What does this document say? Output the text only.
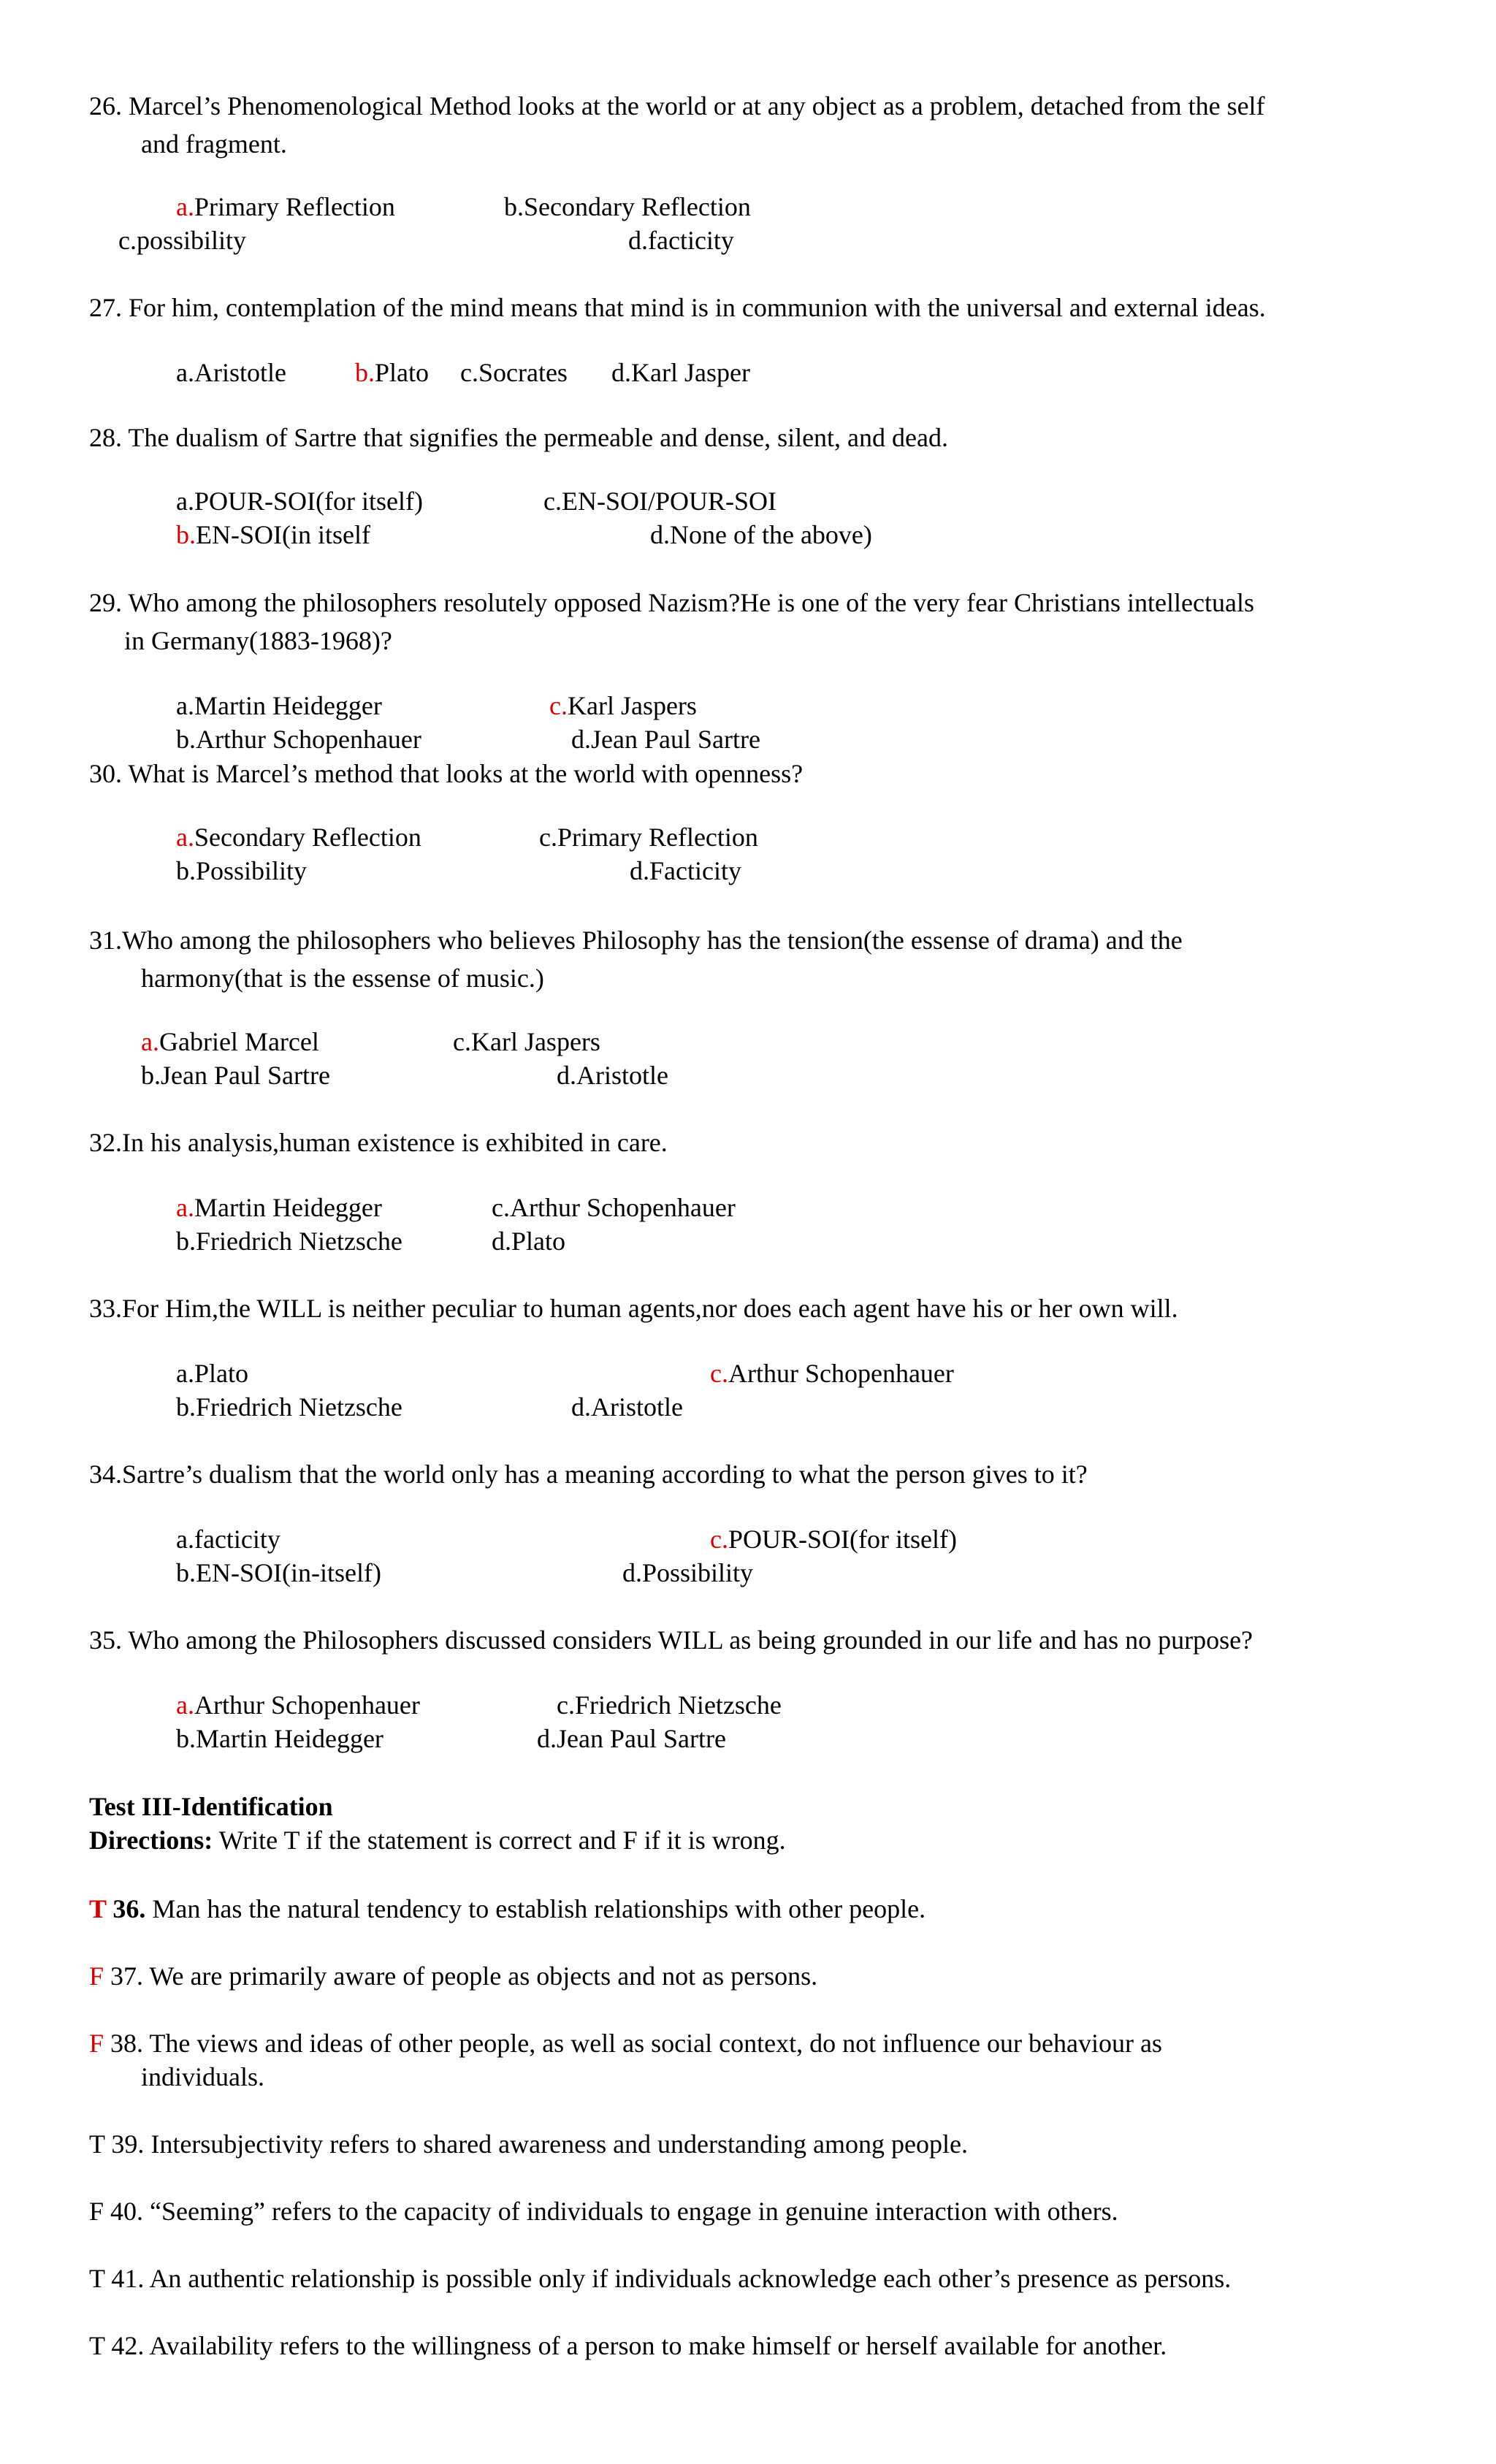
26. Marcel’s Phenomenological Method looks at the world or at any object as a problem, detached from the self
and fragment.
a.Primary Reflection	b.Secondary Reflection
c.possibility	d.facticity
27. For him, contemplation of the mind means that mind is in communion with the universal and external ideas.
a.Aristotle	b.Plato c.Socrates d.Karl Jasper
28. The dualism of Sartre that signifies the permeable and dense, silent, and dead.
a.POUR-SOI(for itself)	c.EN-SOI/POUR-SOI
b.EN-SOI(in itself	d.None of the above)
29. Who among the philosophers resolutely opposed Nazism?He is one of the very fear Christians intellectuals
in Germany(1883-1968)?
a.Martin Heidegger	c.Karl Jaspers
b.Arthur Schopenhauer	d.Jean Paul Sartre
30. What is Marcel’s method that looks at the world with openness?
a.Secondary Reflection	c.Primary Reflection
b.Possibility	d.Facticity
31.Who among the philosophers who believes Philosophy has the tension(the essense of drama) and the
harmony(that is the essense of music.)
a.Gabriel Marcel	c.Karl Jaspers
b.Jean Paul Sartre	d.Aristotle
32.In his analysis,human existence is exhibited in care.
a.Martin Heidegger	c.Arthur Schopenhauer
b.Friedrich Nietzsche	d.Plato
33.For Him,the WILL is neither peculiar to human agents,nor does each agent have his or her own will.
a.Plato	c.Arthur Schopenhauer
b.Friedrich Nietzsche	d.Aristotle
34.Sartre’s dualism that the world only has a meaning according to what the person gives to it?
a.facticity	c.POUR-SOI(for itself)
b.EN-SOI(in-itself)	d.Possibility
35. Who among the Philosophers discussed considers WILL as being grounded in our life and has no purpose?
a.Arthur Schopenhauer	c.Friedrich Nietzsche
b.Martin Heidegger	d.Jean Paul Sartre
Test III-Identification
Directions: Write T if the statement is correct and F if it is wrong.
T 36. Man has the natural tendency to establish relationships with other people.
F 37. We are primarily aware of people as objects and not as persons.
F 38. The views and ideas of other people, as well as social context, do not influence our behaviour as
individuals.
T 39. Intersubjectivity refers to shared awareness and understanding among people.
F 40. “Seeming” refers to the capacity of individuals to engage in genuine interaction with others.
T 41. An authentic relationship is possible only if individuals acknowledge each other’s presence as persons.
T 42. Availability refers to the willingness of a person to make himself or herself available for another.
